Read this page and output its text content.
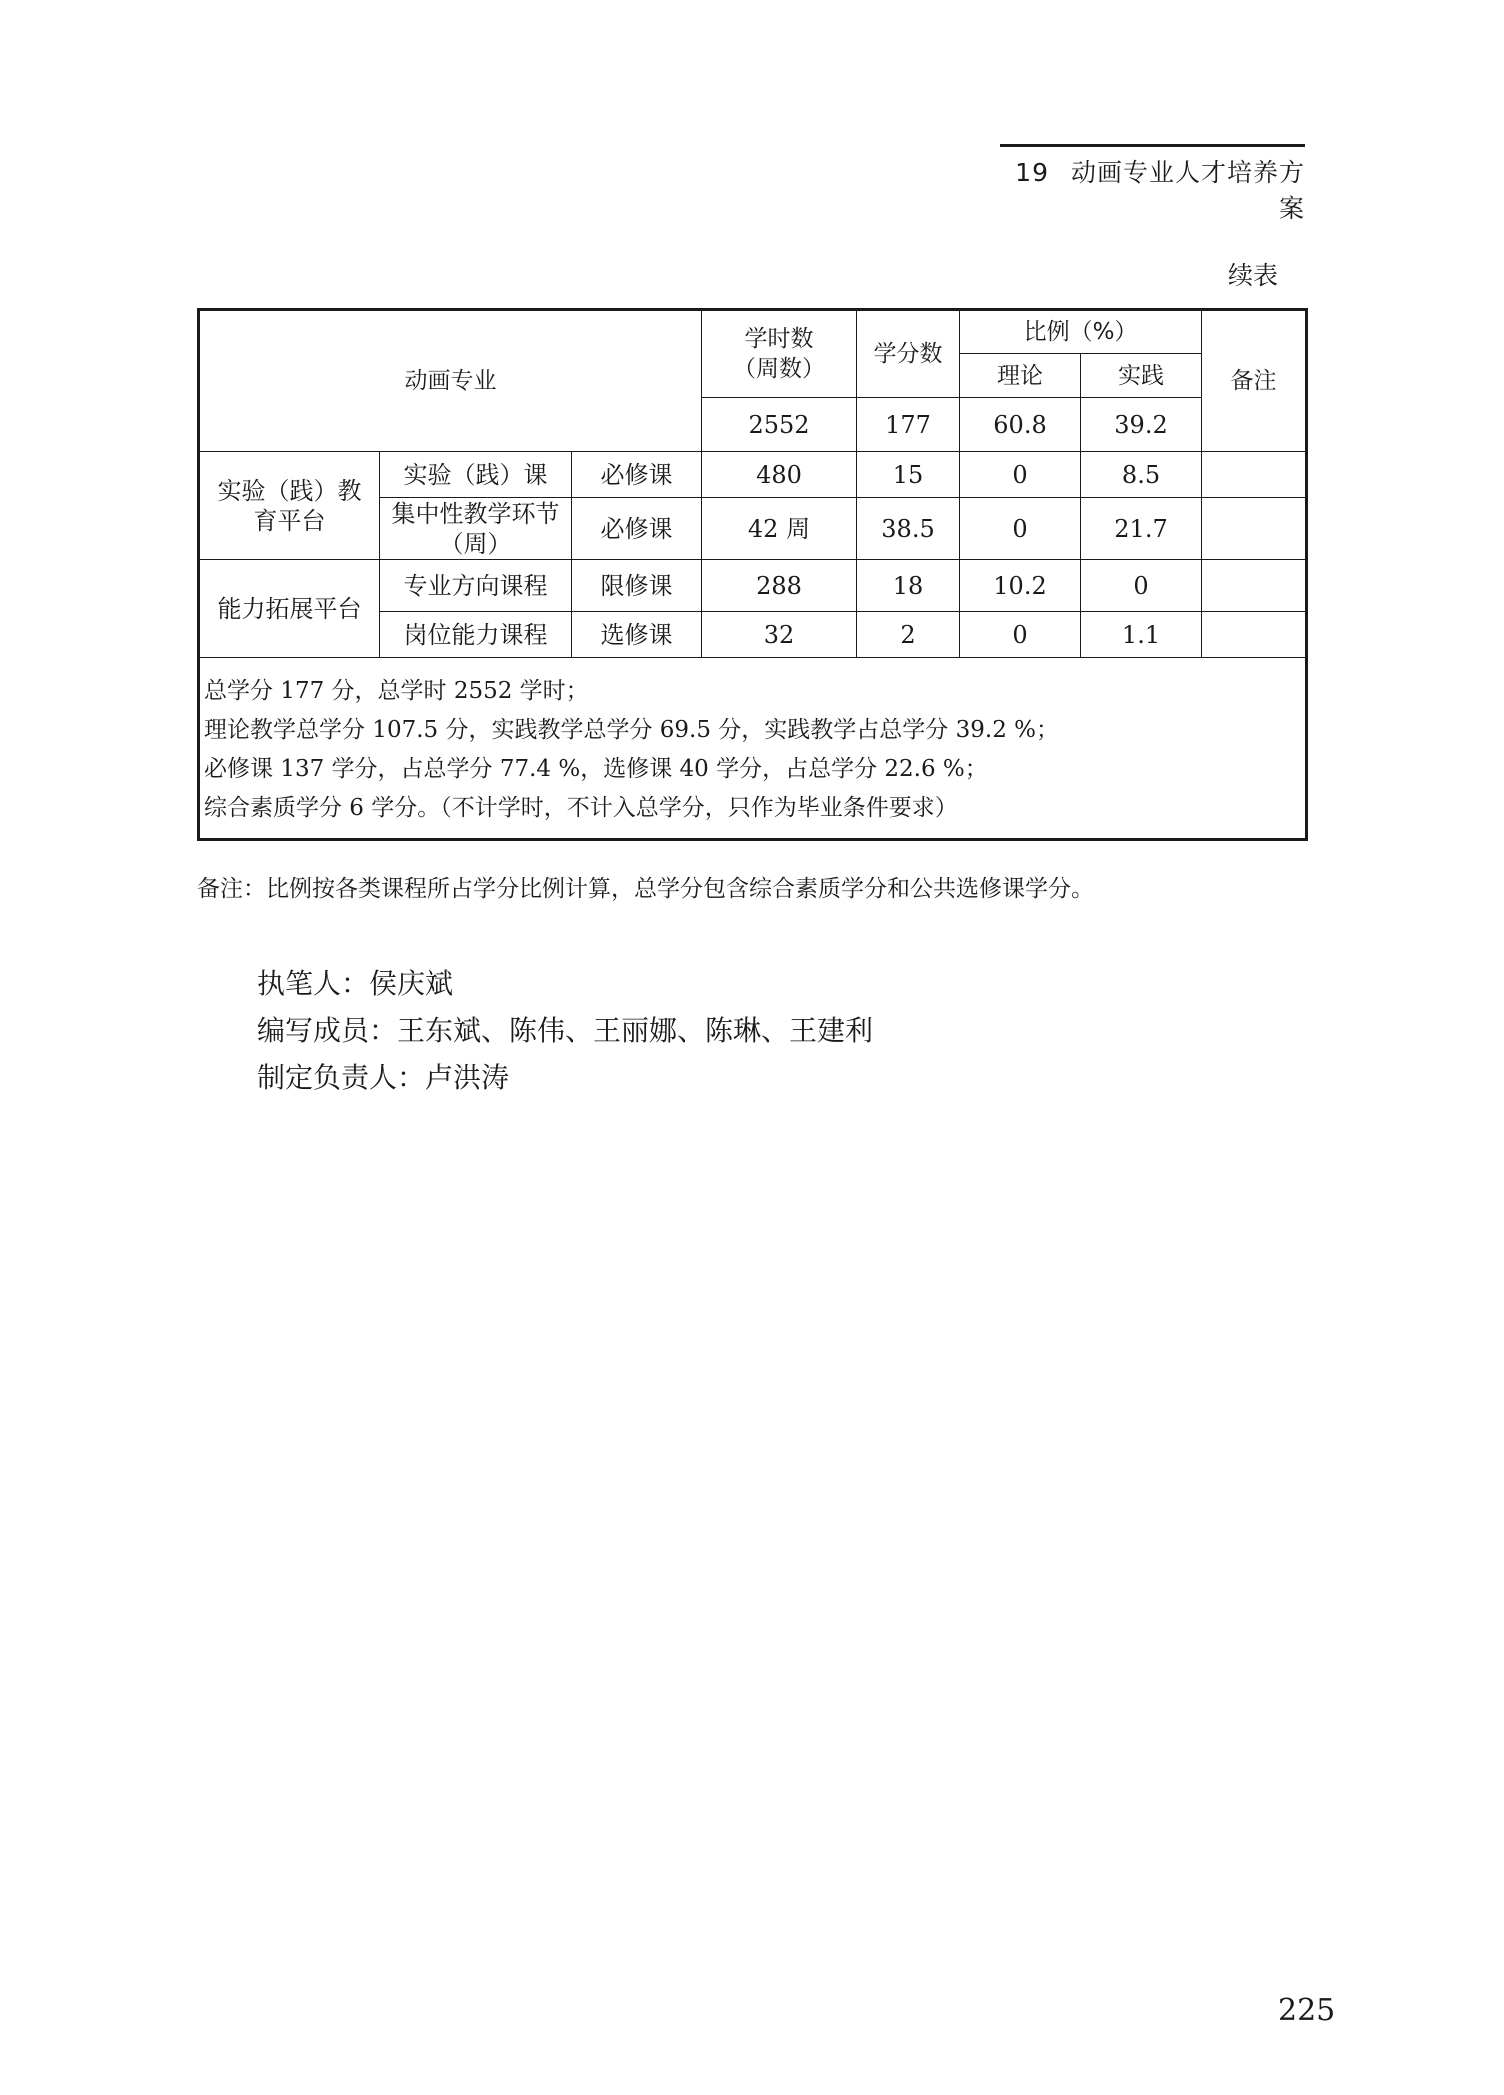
19 动画专业人才培养方案
续表
动画专业			学时数
（周数）	学分数	比例（%）		备注
					理论	实践	
			2552	177	60.8	39.2	

实验（践）教
育平台	实验（践）课	必修课	480	15	0	8.5	

	集中性教学环节
（周）	必修课	42 周	38.5	0	21.7	
能力拓展平台	专业方向课程	限修课	288	18	10.2	0	
	岗位能力课程	选修课	32	2	0	1.1	

总学分 177 分，总学时 2552 学时；
理论教学总学分 107.5 分，实践教学总学分 69.5 分，实践教学占总学分 39.2 %；
必修课 137 学分，占总学分 77.4 %，选修课 40 学分，占总学分 22.6 %；
综合素质学分 6 学分。（不计学时，不计入总学分，只作为毕业条件要求）							
备注：比例按各类课程所占学分比例计算，总学分包含综合素质学分和公共选修课学分。
执笔人：侯庆斌
编写成员：王东斌、陈伟、王丽娜、陈琳、王建利
制定负责人：卢洪涛
225
